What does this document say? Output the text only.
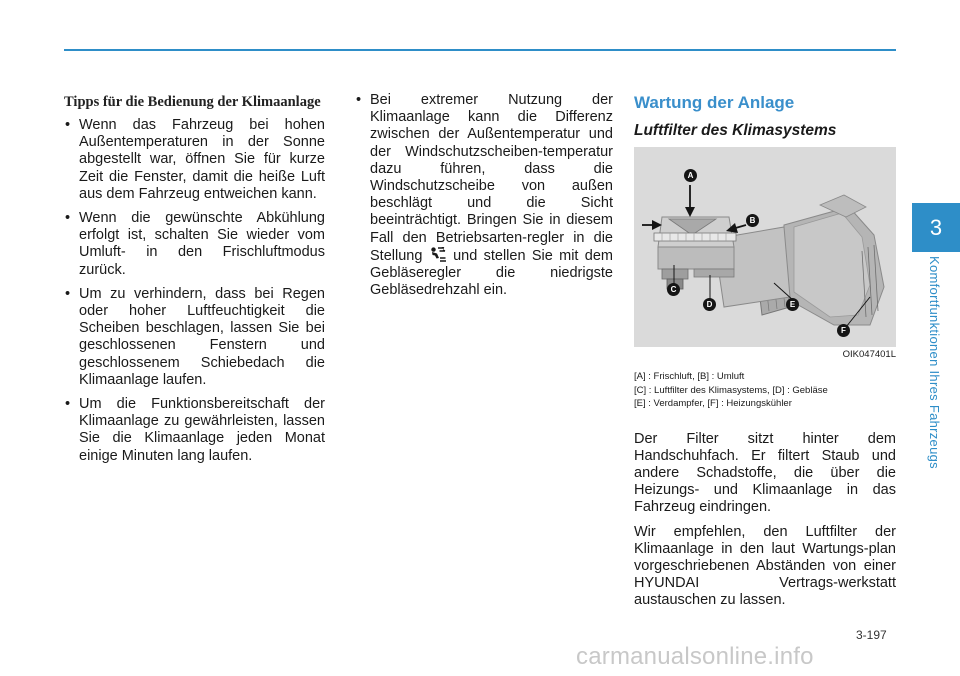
Tipps für die Bedienung der Klimaanlage
• Wenn das Fahrzeug bei hohen Außentemperaturen in der Sonne abgestellt war, öffnen Sie für kurze Zeit die Fenster, damit die heiße Luft aus dem Fahrzeug entweichen kann.
• Wenn die gewünschte Abkühlung erfolgt ist, schalten Sie wieder vom Umluft- in den Frischluftmodus zurück.
• Um zu verhindern, dass bei Regen oder hoher Luftfeuchtigkeit die Scheiben beschlagen, lassen Sie bei geschlossenen Fenstern und geschlossenem Schiebedach die Klimaanlage laufen.
• Um die Funktionsbereitschaft der Klimaanlage zu gewährleisten, lassen Sie die Klimaanlage jeden Monat einige Minuten lang laufen.
• Bei extremer Nutzung der Klimaanlage kann die Differenz zwischen der Außentemperatur und der Windschutzscheiben-temperatur dazu führen, dass die Windschutzscheibe von außen beschlägt und die Sicht beeinträchtigt. Bringen Sie in diesem Fall den Betriebsarten-regler in die Stellung  und stellen Sie mit dem Gebläseregler die niedrigste Gebläsedrehzahl ein.
Wartung der Anlage
Luftfilter des Klimasystems
A
B
C
D	E
F
OIK047401L
[A] : Frischluft, [B] : Umluft
[C] : Luftfilter des Klimasystems, [D] : Gebläse
[E] : Verdampfer, [F] : Heizungskühler

Der Filter sitzt hinter dem Handschuhfach. Er filtert Staub und andere Schadstoffe, die über die Heizungs- und Klimaanlage in das Fahrzeug eindringen.

Wir empfehlen, den Luftfilter der Klimaanlage in den laut Wartungs-plan vorgeschriebenen Abständen von einer HYUNDAI Vertrags-werkstatt austauschen zu lassen.

3
Komfortfunktionen Ihres Fahrzeugs
3-197
carmanualsonline.info
